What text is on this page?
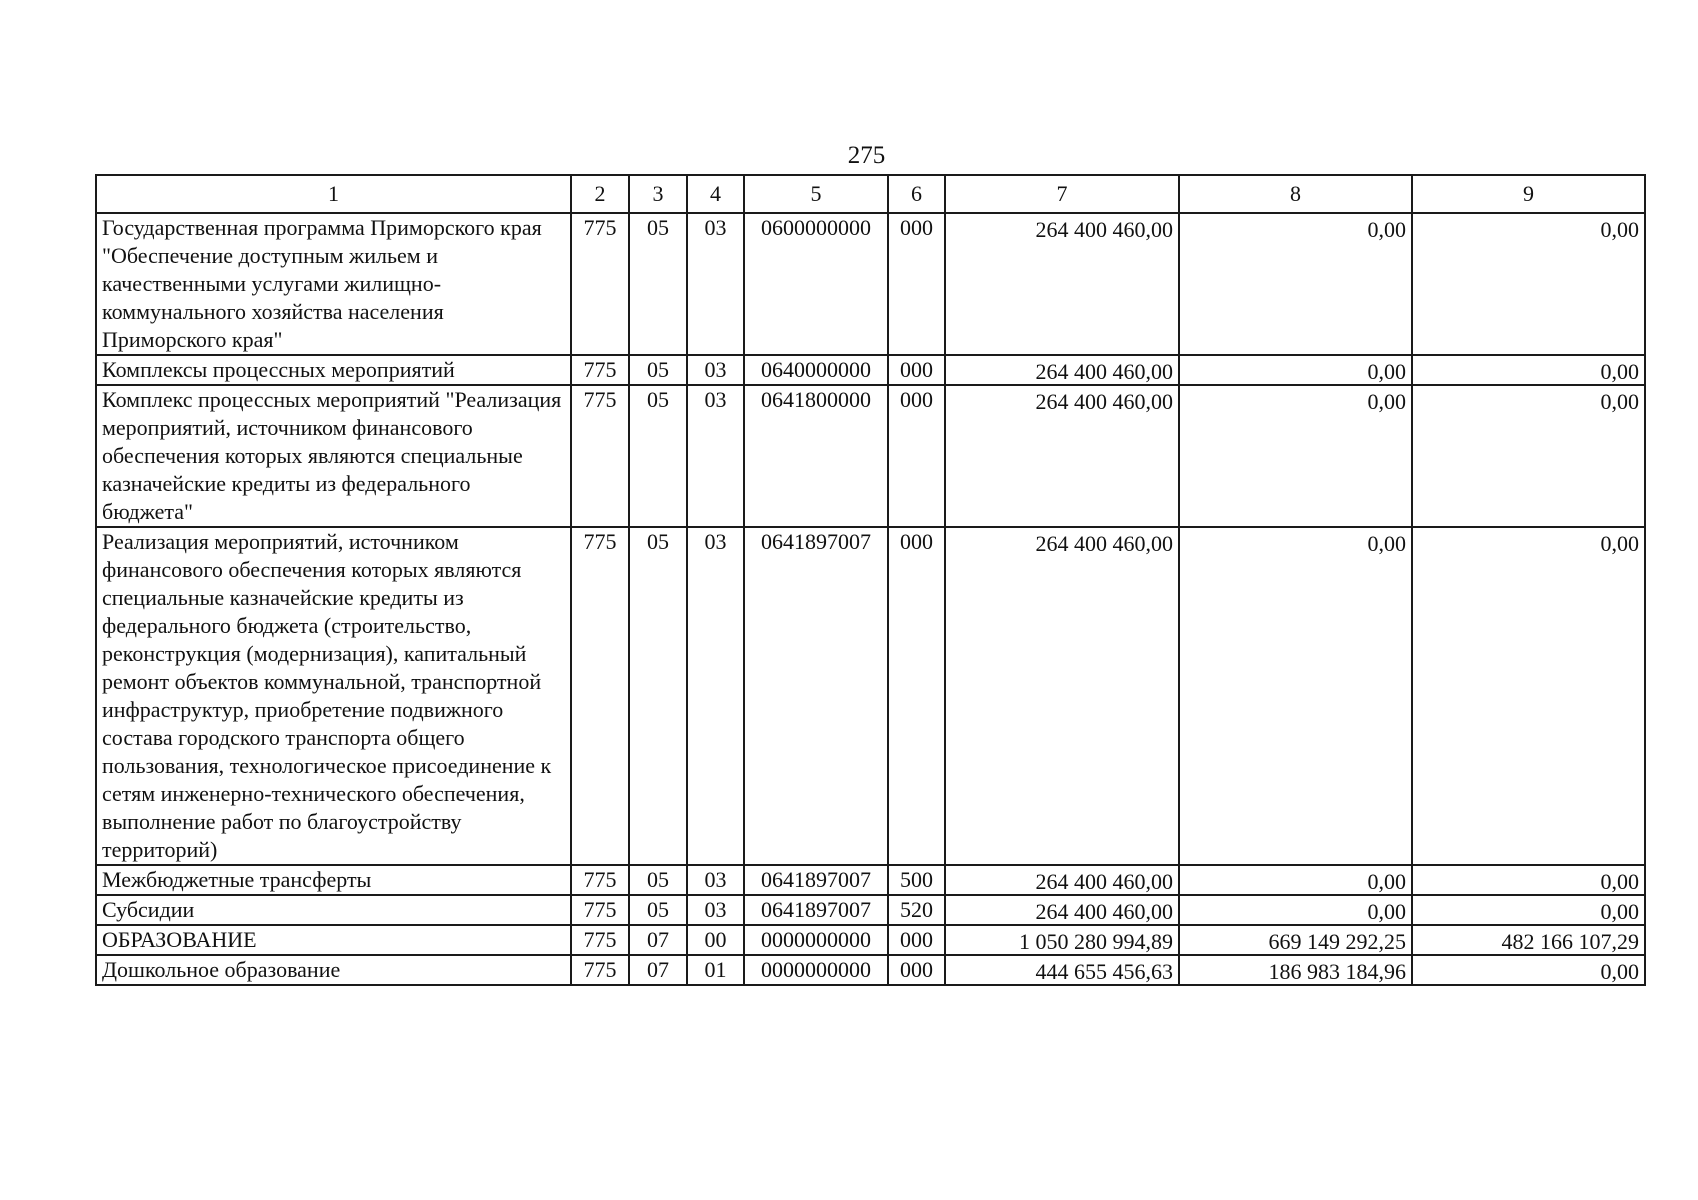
275
1	2	3	4	5	6	7	8	9
Государственная программа Приморского края "Обеспечение доступным жильем и качественными услугами жилищно-коммунального хозяйства населения Приморского края"	775	05	03	0600000000	000	264 400 460,00	0,00	0,00
Комплексы процессных мероприятий	775	05	03	0640000000	000	264 400 460,00	0,00	0,00
Комплекс процессных мероприятий "Реализация мероприятий, источником финансового обеспечения которых являются специальные казначейские кредиты из федерального бюджета"	775	05	03	0641800000	000	264 400 460,00	0,00	0,00
Реализация мероприятий, источником финансового обеспечения которых являются специальные казначейские кредиты из федерального бюджета (строительство, реконструкция (модернизация), капитальный ремонт объектов коммунальной, транспортной инфраструктур, приобретение подвижного состава городского транспорта общего пользования, технологическое присоединение к сетям инженерно-технического обеспечения, выполнение работ по благоустройству территорий)	775	05	03	0641897007	000	264 400 460,00	0,00	0,00
Межбюджетные трансферты	775	05	03	0641897007	500	264 400 460,00	0,00	0,00
Субсидии	775	05	03	0641897007	520	264 400 460,00	0,00	0,00
ОБРАЗОВАНИЕ	775	07	00	0000000000	000	1 050 280 994,89	669 149 292,25	482 166 107,29
Дошкольное образование	775	07	01	0000000000	000	444 655 456,63	186 983 184,96	0,00
